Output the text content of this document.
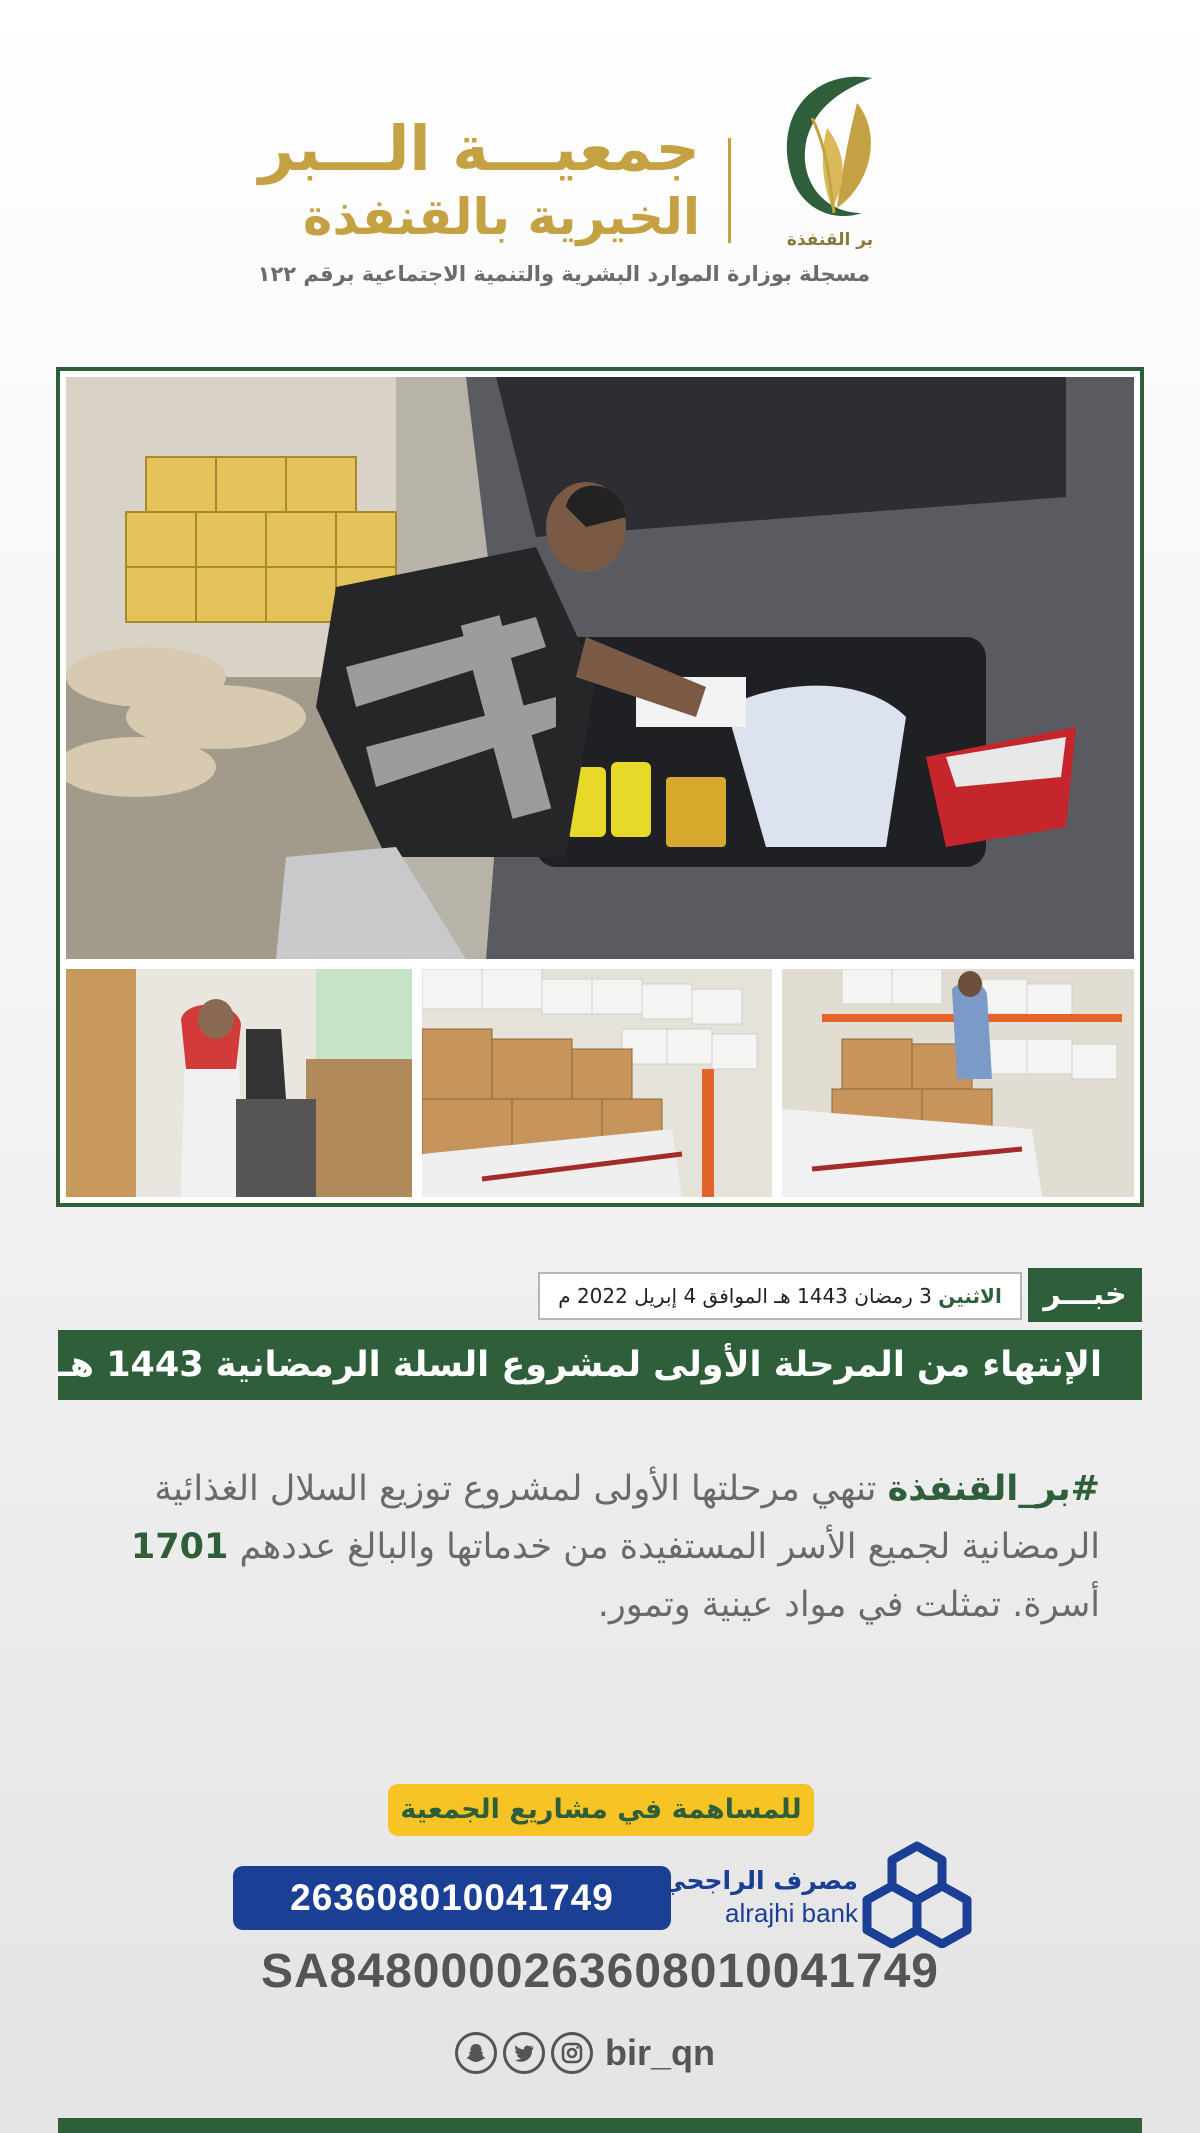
جمعيـــة الـــبر
الخيرية بالقنفذة	بر القنفذة
مسجلة بوزارة الموارد البشرية والتنمية الاجتماعية برقم ١٢٢
خبـــر
الاثنين 3 رمضان 1443 هـ الموافق 4 إبريل 2022 م
الإنتهاء من المرحلة الأولى لمشروع السلة الرمضانية 1443 هـ
#بر_القنفذة تنهي مرحلتها الأولى لمشروع توزيع السلال الغذائية الرمضانية لجميع الأسر المستفيدة من خدماتها والبالغ عددهم 1701 أسرة. تمثلت في مواد عينية وتمور.
للمساهمة في مشاريع الجمعية
263608010041749	مصرف الراجحي
alrajhi bank
SA8480000263608010041749
bir_qn
